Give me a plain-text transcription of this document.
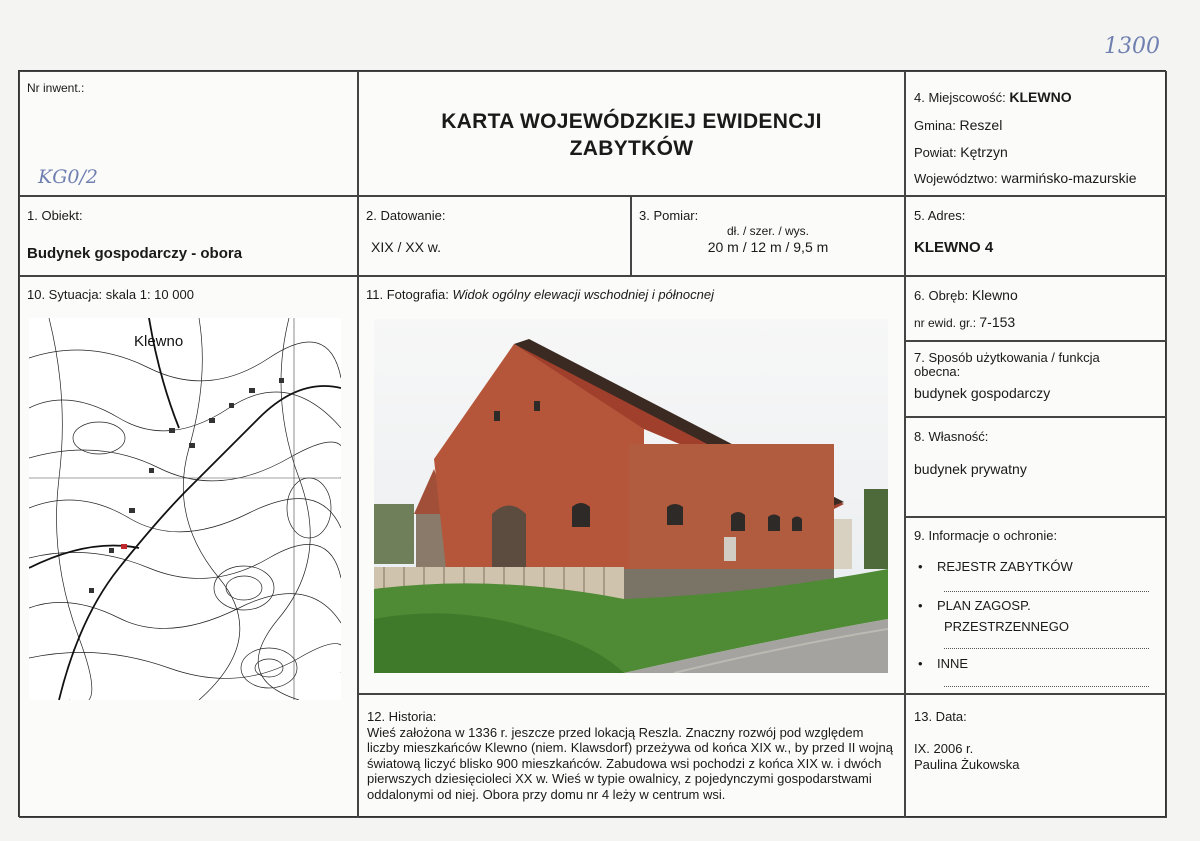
1300
Nr inwent.:
KG0/2
KARTA WOJEWÓDZKIEJ EWIDENCJI
ZABYTKÓW
4. Miejscowość: KLEWNO
Gmina: Reszel
Powiat: Kętrzyn
Województwo: warmińsko-mazurskie
1. Obiekt:
Budynek gospodarczy - obora
2. Datowanie:
XIX / XX w.
3. Pomiar:
dł. / szer. / wys.
20 m / 12 m / 9,5 m
5. Adres:
KLEWNO 4
10. Sytuacja: skala 1: 10 000
Klewno
11. Fotografia: Widok ogólny elewacji wschodniej i północnej
12. Historia:
Wieś założona w 1336 r. jeszcze przed lokacją Reszla. Znaczny rozwój pod względem liczby mieszkańców Klewno (niem. Klawsdorf) przeżywa od końca XIX w., by przed II wojną światową liczyć blisko 900 mieszkańców. Zabudowa wsi pochodzi z końca XIX w. i dwóch pierwszych dziesięcioleci XX w. Wieś w typie owalnicy, z pojedynczymi gospodarstwami oddalonymi od niej. Obora przy domu nr 4 leży w centrum wsi.
6. Obręb: Klewno
nr ewid. gr.: 7-153
7. Sposób użytkowania / funkcja obecna:
budynek gospodarczy
8. Własność:
budynek prywatny
9. Informacje o ochronie:
•    REJESTR ZABYTKÓW
•    PLAN ZAGOSP.
PRZESTRZENNEGO
•    INNE
13. Data:
IX. 2006 r.
Paulina Żukowska
